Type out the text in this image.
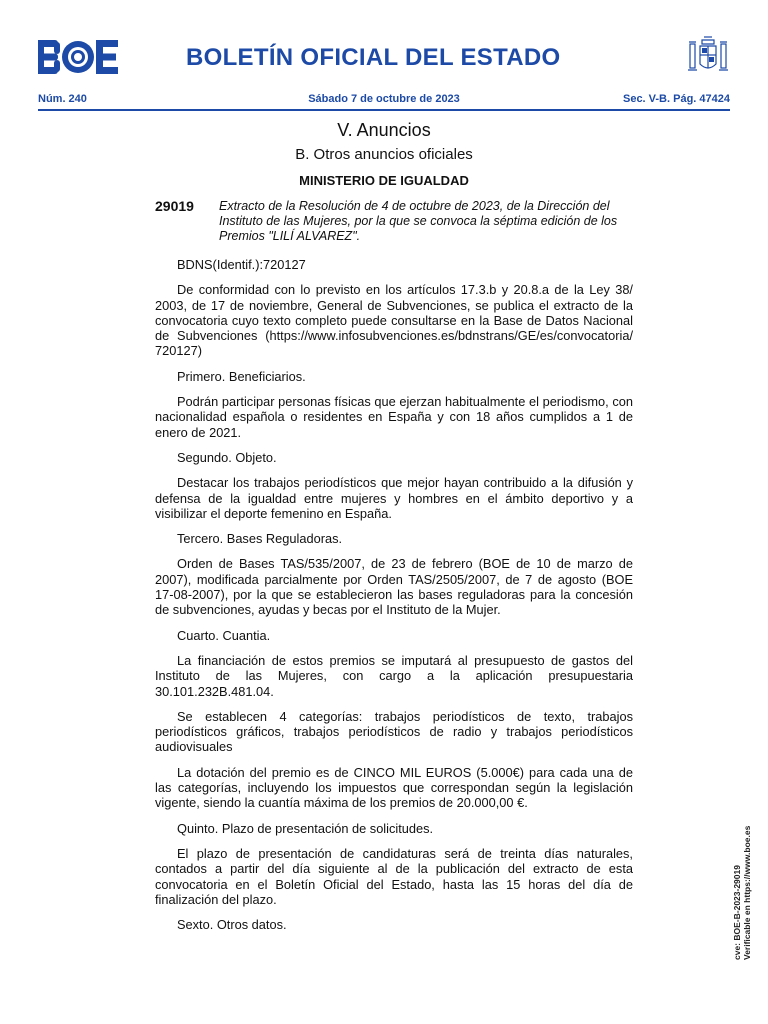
BOLETÍN OFICIAL DEL ESTADO
Núm. 240	Sábado 7 de octubre de 2023	Sec. V-B. Pág. 47424
V. Anuncios
B. Otros anuncios oficiales
MINISTERIO DE IGUALDAD
29019 Extracto de la Resolución de 4 de octubre de 2023, de la Dirección del Instituto de las Mujeres, por la que se convoca la séptima edición de los Premios "LILÍ ALVAREZ".

BDNS(Identif.):720127

De conformidad con lo previsto en los artículos 17.3.b y 20.8.a de la Ley 38/ 2003, de 17 de noviembre, General de Subvenciones, se publica el extracto de la convocatoria cuyo texto completo puede consultarse en la Base de Datos Nacional de Subvenciones (https://www.infosubvenciones.es/bdnstrans/GE/es/convocatoria/ 720127)

Primero. Beneficiarios.

Podrán participar personas físicas que ejerzan habitualmente el periodismo, con nacionalidad española o residentes en España y con 18 años cumplidos a 1 de enero de 2021.

Segundo. Objeto.

Destacar los trabajos periodísticos que mejor hayan contribuido a la difusión y defensa de la igualdad entre mujeres y hombres en el ámbito deportivo y a visibilizar el deporte femenino en España.

Tercero. Bases Reguladoras.

Orden de Bases TAS/535/2007, de 23 de febrero (BOE de 10 de marzo de 2007), modificada parcialmente por Orden TAS/2505/2007, de 7 de agosto (BOE 17-08-2007), por la que se establecieron las bases reguladoras para la concesión de subvenciones, ayudas y becas por el Instituto de la Mujer.

Cuarto. Cuantia.

La financiación de estos premios se imputará al presupuesto de gastos del Instituto de las Mujeres, con cargo a la aplicación presupuestaria 30.101.232B.481.04.

Se establecen 4 categorías: trabajos periodísticos de texto, trabajos periodísticos gráficos, trabajos periodísticos de radio y trabajos periodísticos audiovisuales

La dotación del premio es de CINCO MIL EUROS (5.000€) para cada una de las categorías, incluyendo los impuestos que correspondan según la legislación vigente, siendo la cuantía máxima de los premios de 20.000,00 €.

Quinto. Plazo de presentación de solicitudes.

El plazo de presentación de candidaturas será de treinta días naturales, contados a partir del día siguiente al de la publicación del extracto de esta convocatoria en el Boletín Oficial del Estado, hasta las 15 horas del día de finalización del plazo.

Sexto. Otros datos.	cve: BOE-B-2023-29019 Verificable en https://www.boe.es
